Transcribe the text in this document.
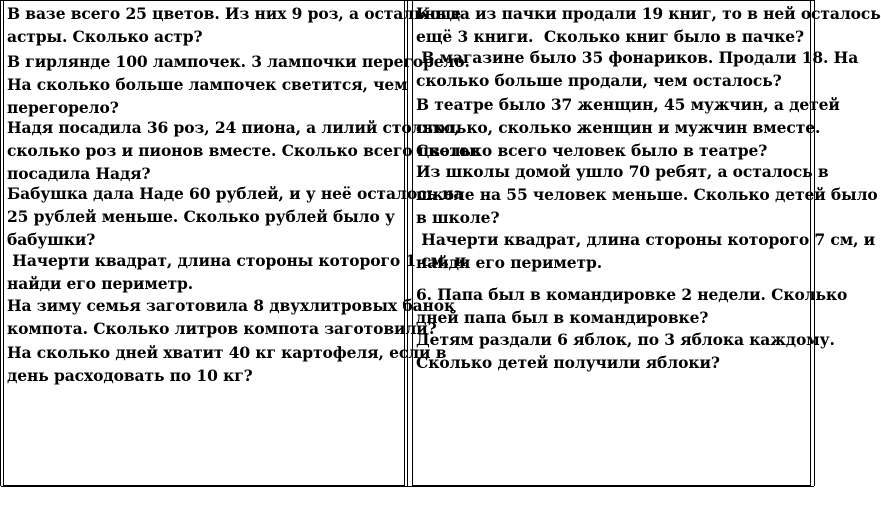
В вазе всего 25 цветов. Из них 9 роз, а остальные
астры. Сколько астр?

В гирлянде 100 лампочек. 3 лампочки перегорело.
На сколько больше лампочек светится, чем
перегорело?

Надя посадила 36 роз, 24 пиона, а лилий столько,
сколько роз и пионов вместе. Сколько всего цветов
посадила Надя?

Бабушка дала Наде 60 рублей, и у неё осталось на
25 рублей меньше. Сколько рублей было у
бабушки?

Начерти квадрат, длина стороны которого 1 см, и
найди его периметр.

На зиму семья заготовила 8 двухлитровых банок
компота. Сколько литров компота заготовили?

На сколько дней хватит 40 кг картофеля, если в
день расходовать по 10 кг?

Когда из пачки продали 19 книг, то в ней осталось
ещё 3 книги.  Сколько книг было в пачке?

В магазине было 35 фонариков. Продали 18. На
сколько больше продали, чем осталось?

В театре было 37 женщин, 45 мужчин, а детей
столько, сколько женщин и мужчин вместе.
Сколько всего человек было в театре?

Из школы домой ушло 70 ребят, а осталось в
школе на 55 человек меньше. Сколько детей было
в школе?

Начерти квадрат, длина стороны которого 7 см, и
найди его периметр.

6. Папа был в командировке 2 недели. Сколько
дней папа был в командировке?

Детям раздали 6 яблок, по 3 яблока каждому.
Сколько детей получили яблоки?
